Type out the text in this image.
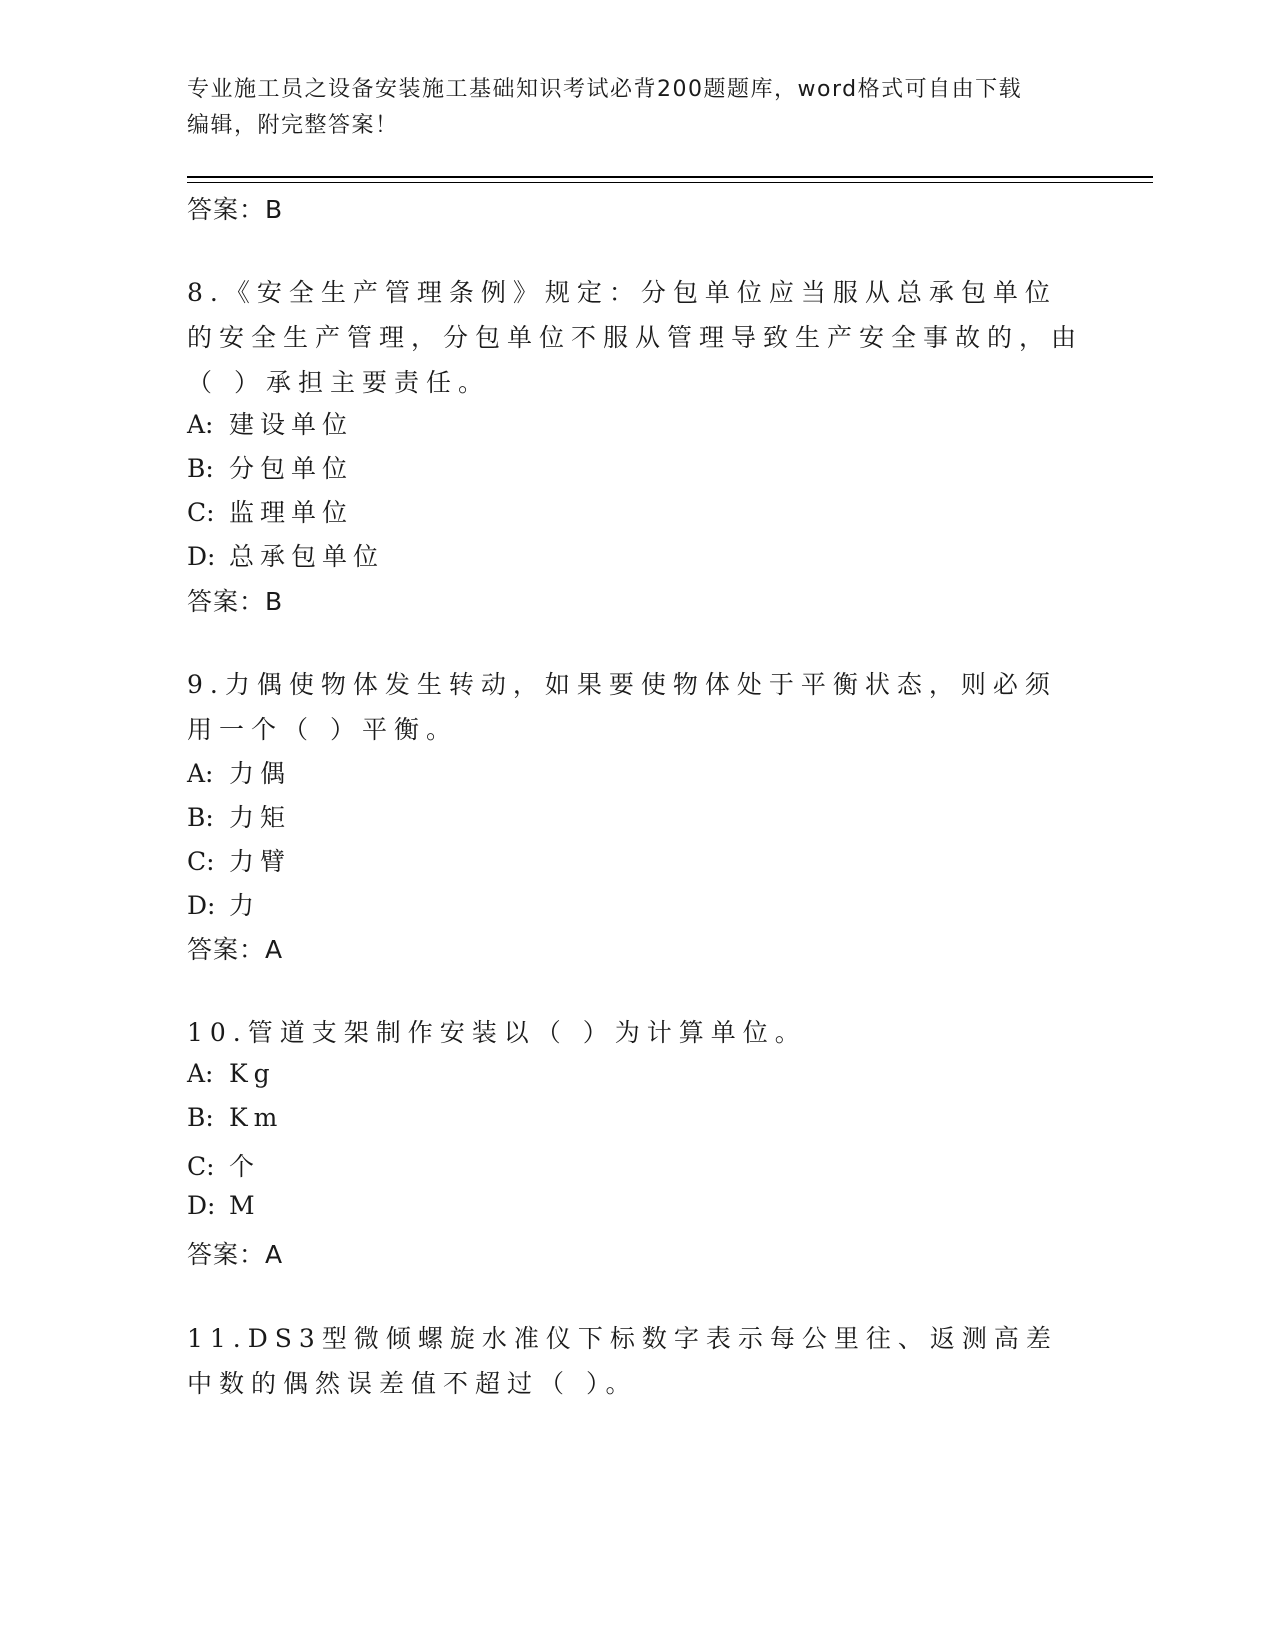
专业施工员之设备安装施工基础知识考试必背200题题库，word格式可自由下载
编辑，附完整答案！
答案：B
8.《安全生产管理条例》规定：分包单位应当服从总承包单位的安全生产管理，分包单位不服从管理导致生产安全事故的，由（ ）承担主要责任。
A: 建设单位
B: 分包单位
C: 监理单位
D: 总承包单位
答案：B
9.力偶使物体发生转动，如果要使物体处于平衡状态，则必须用一个（ ）平衡。
A: 力偶
B: 力矩
C: 力臂
D: 力
答案：A
10.管道支架制作安装以（ ）为计算单位。
A: Kg
B: Km
C: 个
D: M
答案：A
11.DS3型微倾螺旋水准仪下标数字表示每公里往、返测高差中数的偶然误差值不超过（ ）。
